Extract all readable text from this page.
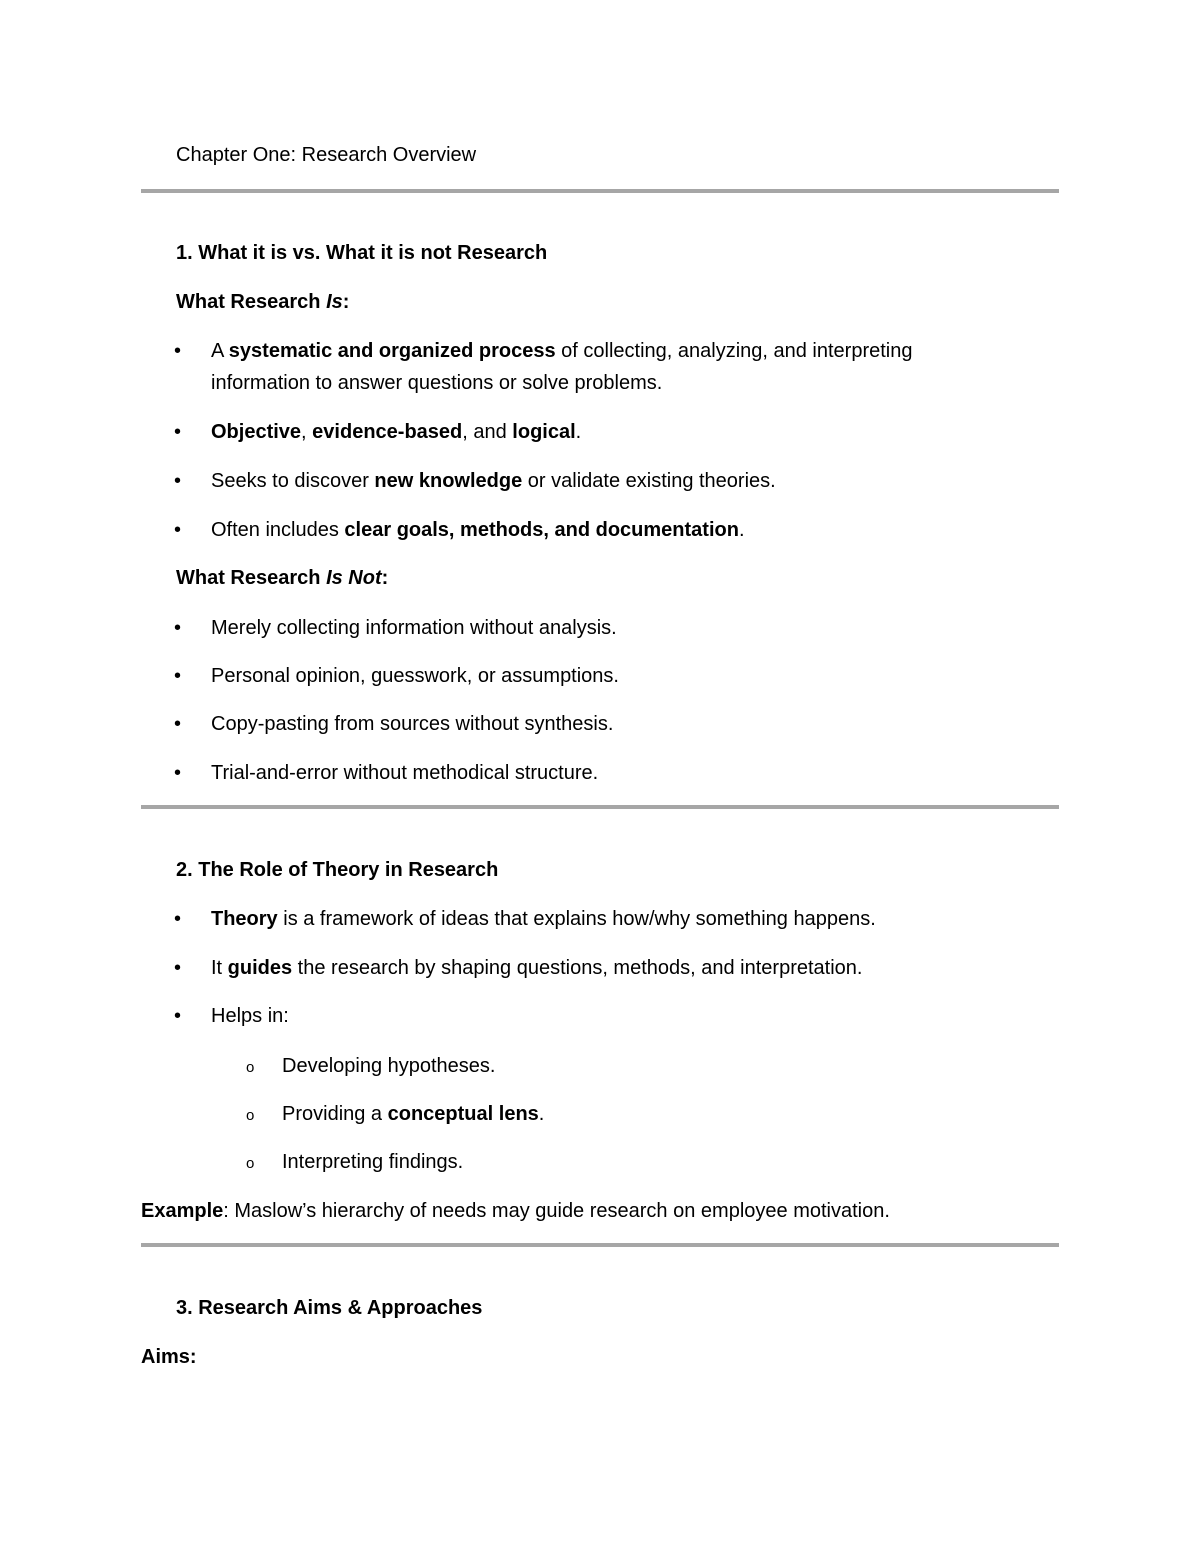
Chapter One: Research Overview
1. What it is vs. What it is not Research
What Research Is:
• A systematic and organized process of collecting, analyzing, and interpreting
information to answer questions or solve problems.
• Objective, evidence-based, and logical.
• Seeks to discover new knowledge or validate existing theories.
• Often includes clear goals, methods, and documentation.
What Research Is Not:
• Merely collecting information without analysis.
• Personal opinion, guesswork, or assumptions.
• Copy-pasting from sources without synthesis.
• Trial-and-error without methodical structure.
2. The Role of Theory in Research
• Theory is a framework of ideas that explains how/why something happens.
• It guides the research by shaping questions, methods, and interpretation.
• Helps in:
o Developing hypotheses.
o Providing a conceptual lens.
o Interpreting findings.
Example: Maslow’s hierarchy of needs may guide research on employee motivation.
3. Research Aims & Approaches
Aims:
